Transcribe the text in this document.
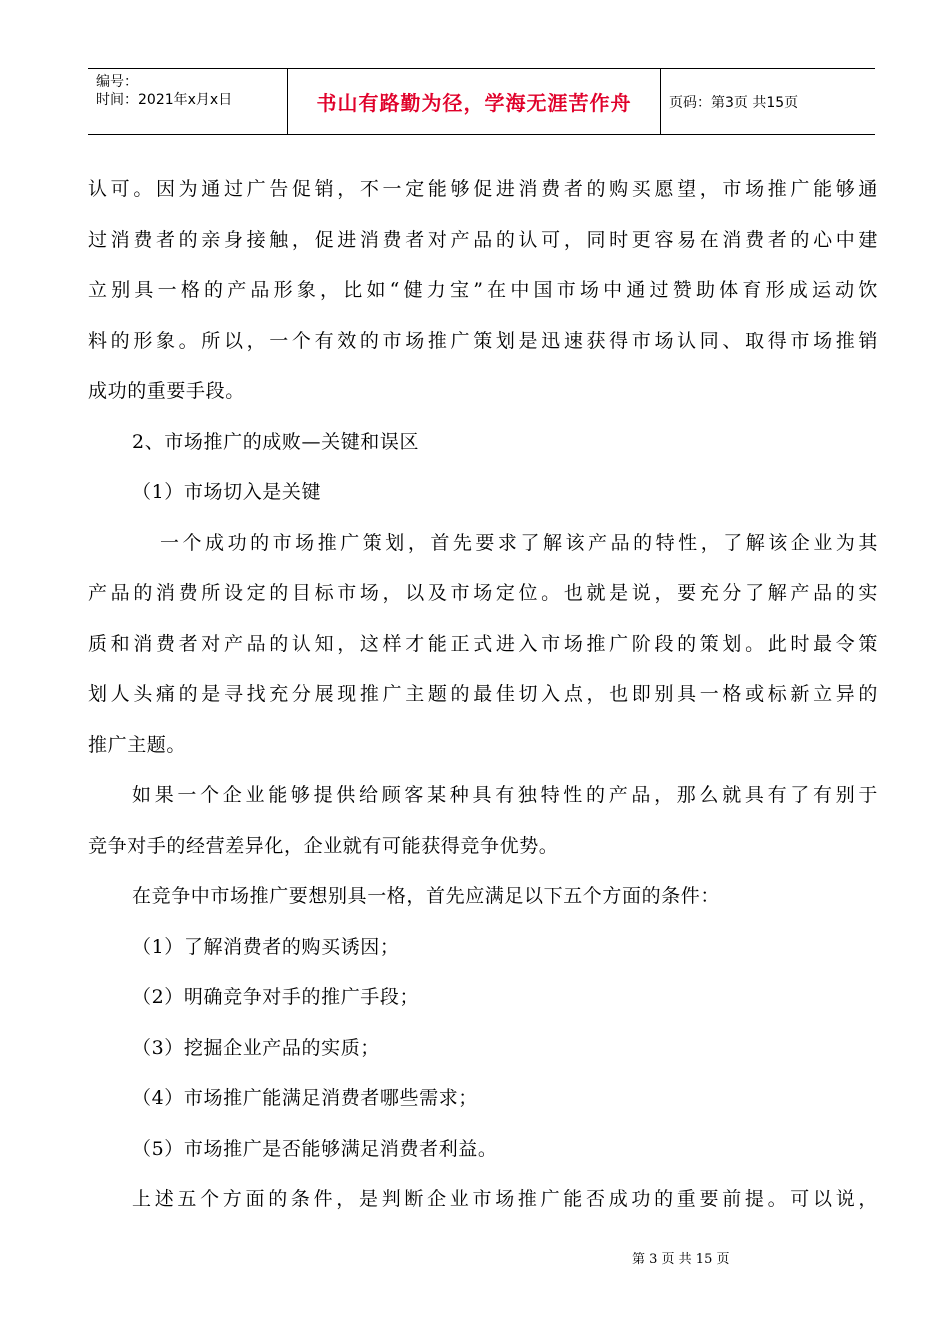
编号：
时间：2021年x月x日	书山有路勤为径，学海无涯苦作舟	页码：第3页 共15页
认可。因为通过广告促销，不一定能够促进消费者的购买愿望，市场推广能够通
过消费者的亲身接触，促进消费者对产品的认可，同时更容易在消费者的心中建
立别具一格的产品形象，比如“健力宝”在中国市场中通过赞助体育形成运动饮
料的形象。所以，一个有效的市场推广策划是迅速获得市场认同、取得市场推销
成功的重要手段。
2、市场推广的成败—关键和误区
（1）市场切入是关键
一个成功的市场推广策划，首先要求了解该产品的特性，了解该企业为其
产品的消费所设定的目标市场，以及市场定位。也就是说，要充分了解产品的实
质和消费者对产品的认知，这样才能正式进入市场推广阶段的策划。此时最令策
划人头痛的是寻找充分展现推广主题的最佳切入点，也即别具一格或标新立异的
推广主题。
如果一个企业能够提供给顾客某种具有独特性的产品，那么就具有了有别于
竞争对手的经营差异化，企业就有可能获得竞争优势。
在竞争中市场推广要想别具一格，首先应满足以下五个方面的条件：
（1）了解消费者的购买诱因；
（2）明确竞争对手的推广手段；
（3）挖掘企业产品的实质；
（4）市场推广能满足消费者哪些需求；
（5）市场推广是否能够满足消费者利益。
上述五个方面的条件，是判断企业市场推广能否成功的重要前提。可以说，
第 3 页 共 15 页
